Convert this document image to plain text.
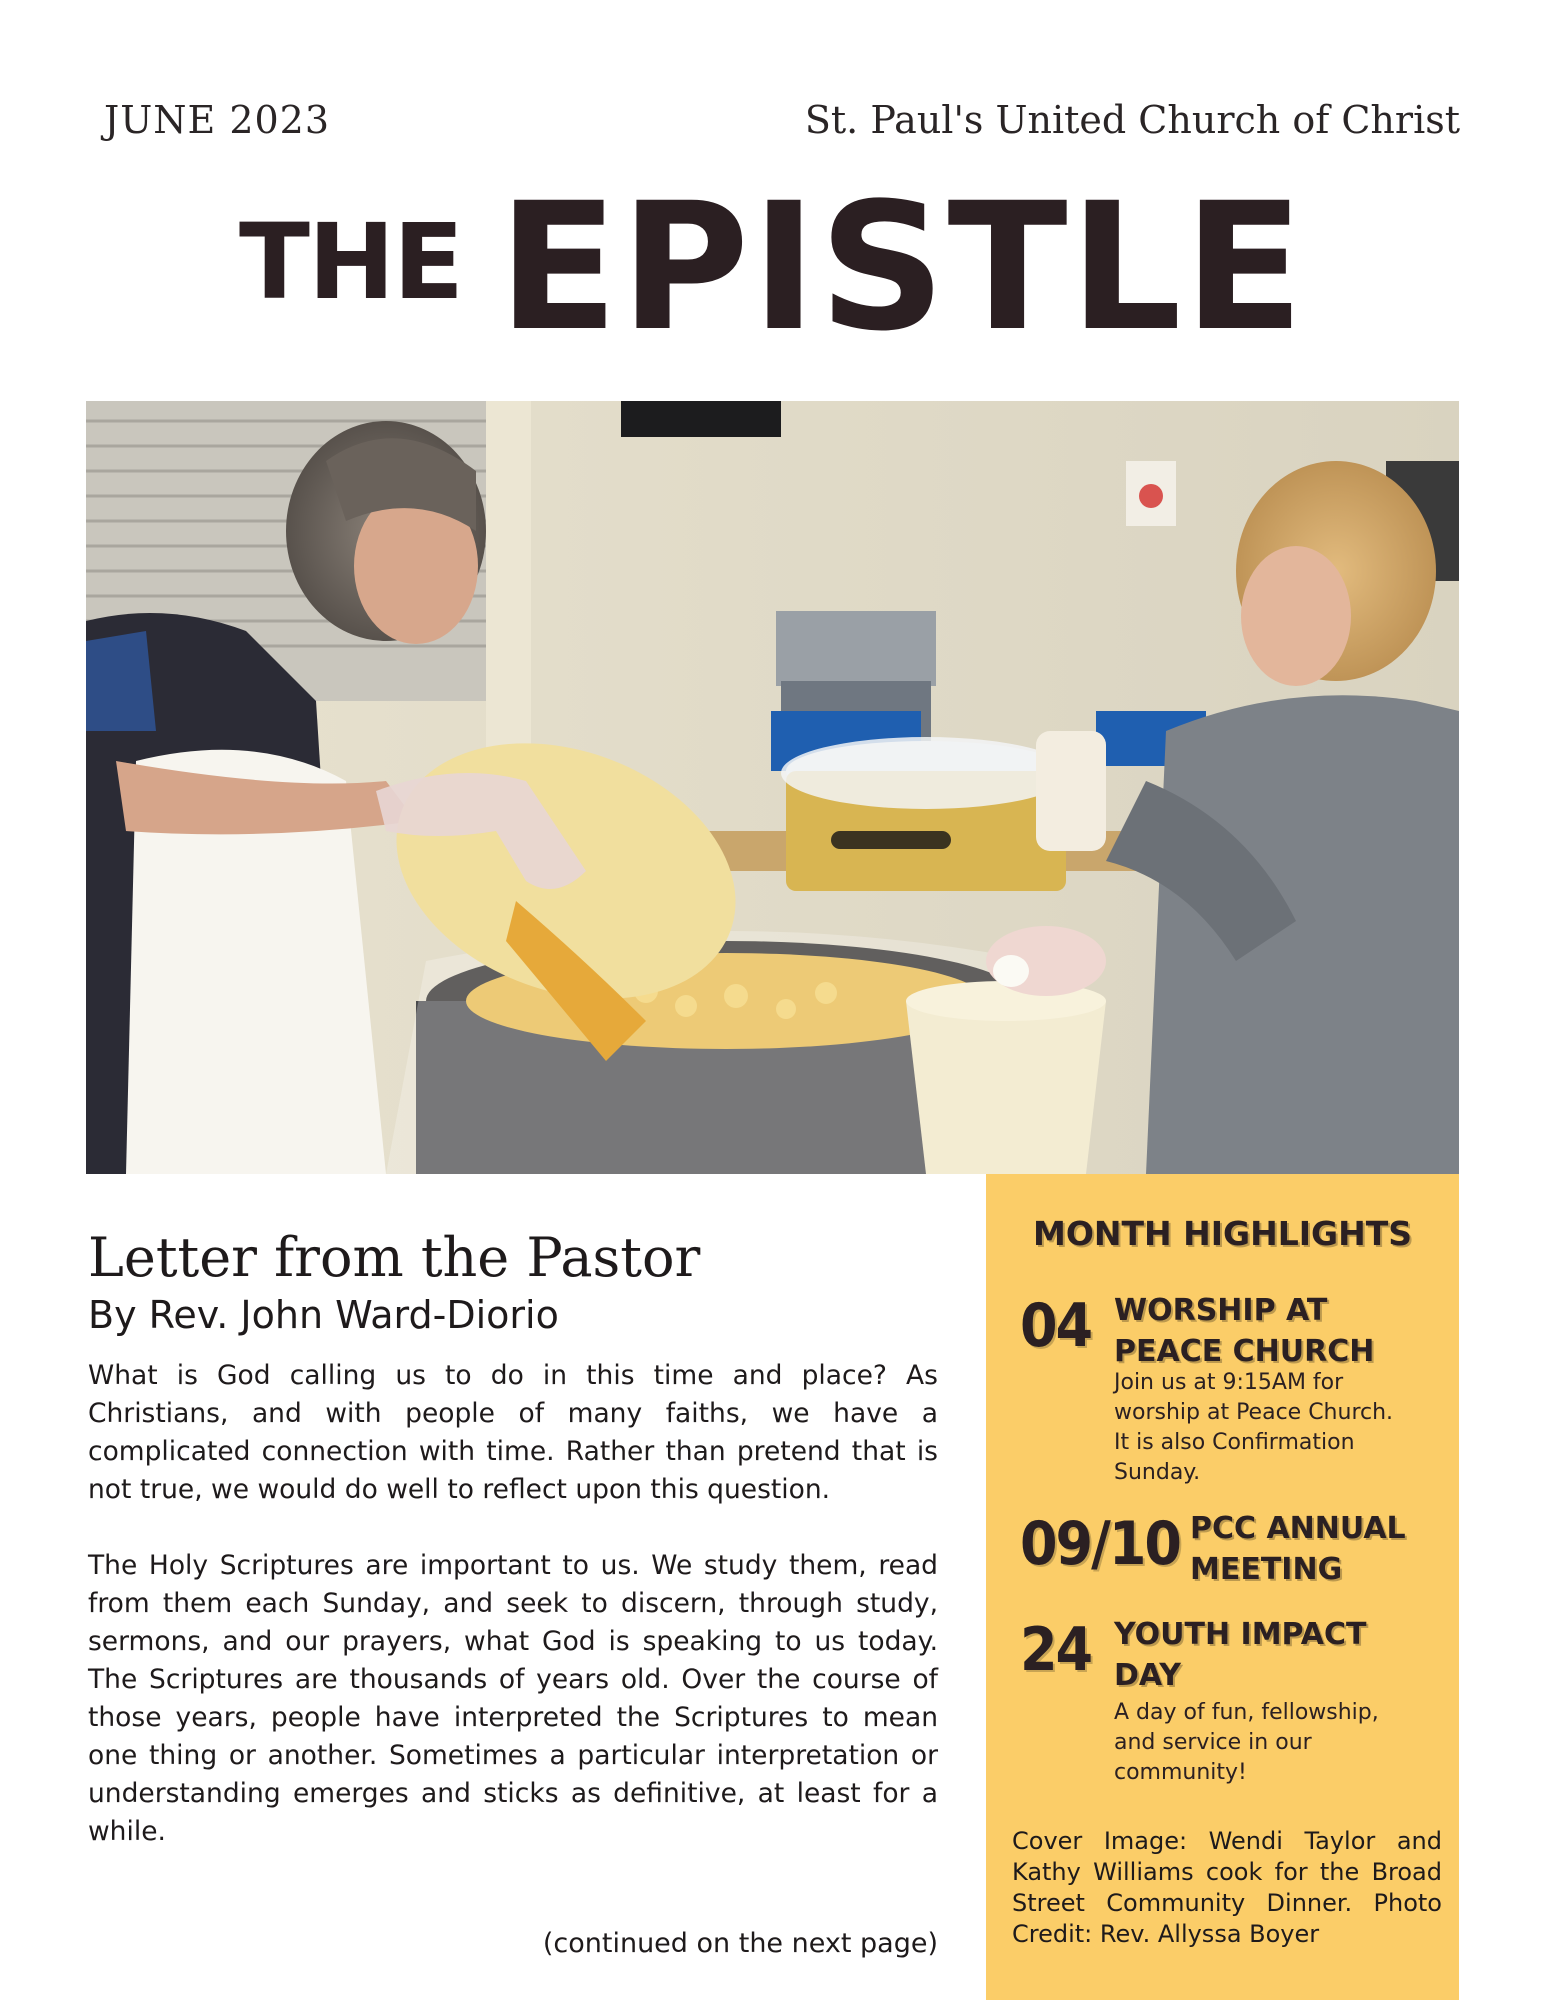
JUNE 2023	St. Paul's United Church of Christ
THE EPISTLE
Letter from the Pastor
By Rev. John Ward-Diorio

What is God calling us to do in this time and place? As Christians, and with people of many faiths, we have a complicated connection with time. Rather than pretend that is not true, we would do well to reflect upon this question.

The Holy Scriptures are important to us. We study them, read from them each Sunday, and seek to discern, through study, sermons, and our prayers, what God is speaking to us today. The Scriptures are thousands of years old. Over the course of those years, people have interpreted the Scriptures to mean one thing or another. Sometimes a particular interpretation or understanding emerges and sticks as definitive, at least for a while.

(continued on the next page)
MONTH HIGHLIGHTS
04 WORSHIP AT PEACE CHURCH
Join us at 9:15AM for worship at Peace Church. It is also Confirmation Sunday.
09/10 PCC ANNUAL MEETING
24 YOUTH IMPACT DAY
A day of fun, fellowship, and service in our community!
Cover Image: Wendi Taylor and Kathy Williams cook for the Broad Street Community Dinner. Photo Credit: Rev. Allyssa Boyer
